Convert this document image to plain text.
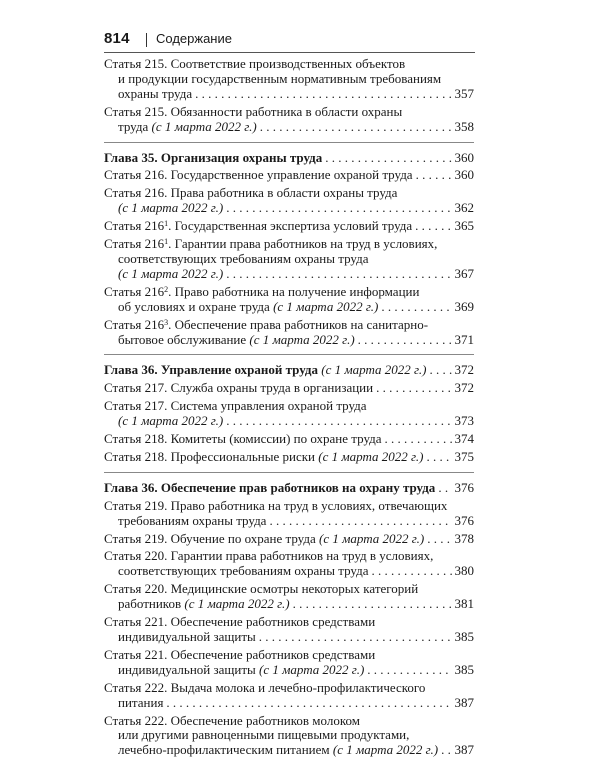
814 Содержание
Статья 215. Соответствие производственных объектов
и продукции государственным нормативным требованиям
охраны труда . . .	357
Статья 215. Обязанности работника в области охраны
труда (с 1 марта 2022 г.) . . .	358
Глава 35. Организация охраны труда . . .	360
Статья 216. Государственное управление охраной труда . . .	360
Статья 216. Права работника в области охраны труда
(с 1 марта 2022 г.) . . .	362
Статья $216^1$. Государственная экспертиза условий труда . . .	365
Статья $216^1$. Гарантии права работников на труд в условиях,
соответствующих требованиям охраны труда
(с 1 марта 2022 г.) . . .	367
Статья $216^2$. Право работника на получение информации
об условиях и охране труда (с 1 марта 2022 г.) . . .	369
Статья $216^3$. Обеспечение права работников на санитарно-
бытовое обслуживание (с 1 марта 2022 г.) . . .	371
Глава 36. Управление охраной труда (с 1 марта 2022 г.) . . . 372
Статья 217. Служба охраны труда в организации . . .	372
Статья 217. Система управления охраной труда
(с 1 марта 2022 г.) . . .	373
Статья 218. Комитеты (комиссии) по охране труда . . .	374
Статья 218. Профессиональные риски (с 1 марта 2022 г.) . . . 375
Глава 36. Обеспечение прав работников на охрану труда . . . 376
Статья 219. Право работника на труд в условиях, отвечающих
требованиям охраны труда . . .	376
Статья 219. Обучение по охране труда (с 1 марта 2022 г.) . . . 378
Статья 220. Гарантии права работников на труд в условиях,
соответствующих требованиям охраны труда . . .	380
Статья 220. Медицинские осмотры некоторых категорий
работников (с 1 марта 2022 г.) . . .	381
Статья 221. Обеспечение работников средствами
индивидуальной защиты . . .	385
Статья 221. Обеспечение работников средствами
индивидуальной защиты (с 1 марта 2022 г.) . . .	385
Статья 222. Выдача молока и лечебно-профилактического
питания . . .	387
Статья 222. Обеспечение работников молоком
или другими равноценными пищевыми продуктами,
лечебно-профилактическим питанием (с 1 марта 2022 г.) . . . 387
